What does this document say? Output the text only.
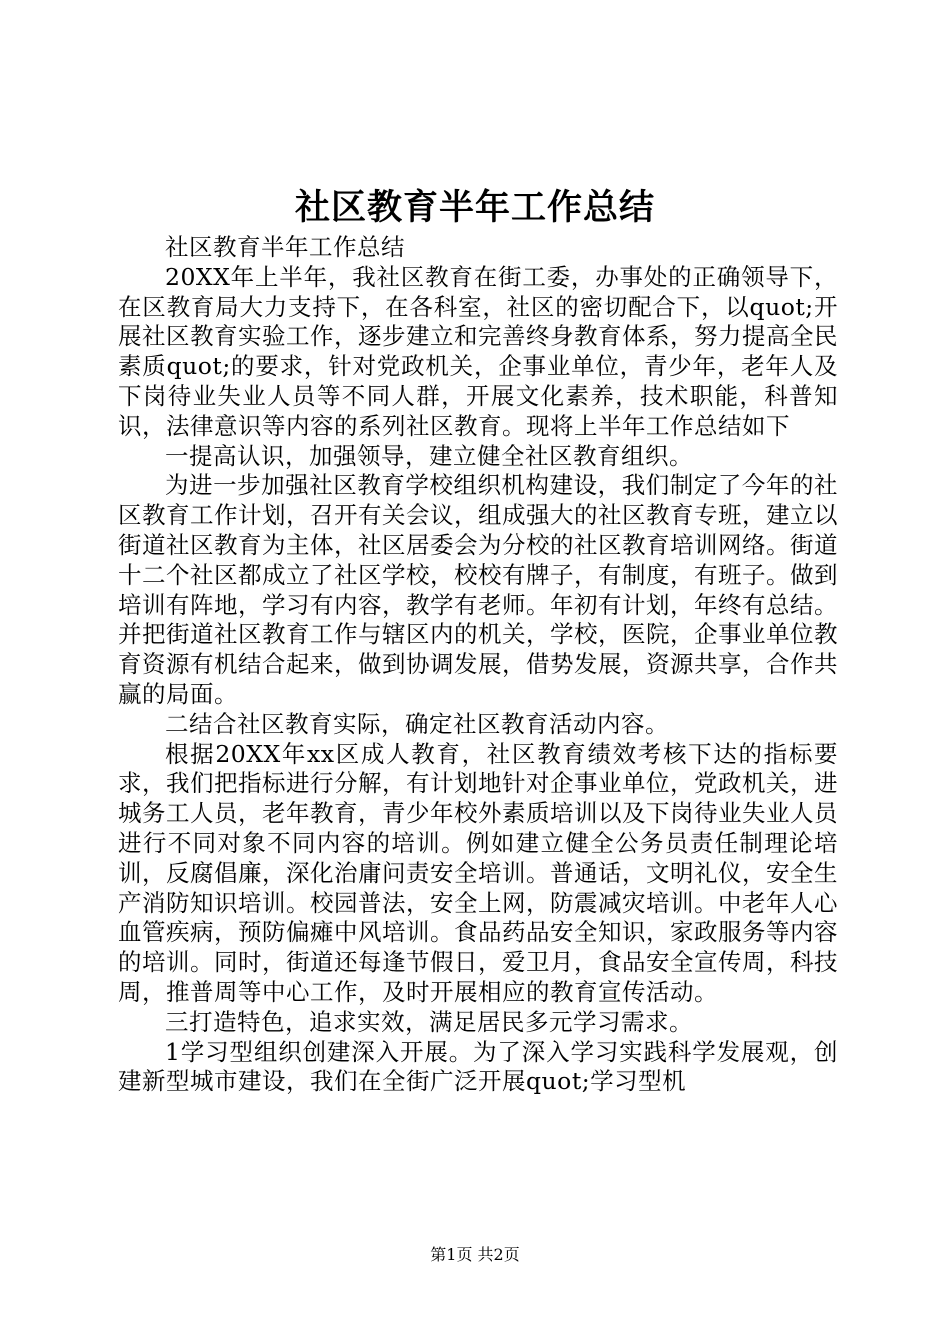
社区教育半年工作总结

社区教育半年工作总结

20XX年上半年，我社区教育在街工委，办事处的正确领导下，在区教育局大力支持下，在各科室，社区的密切配合下，以quot;开展社区教育实验工作，逐步建立和完善终身教育体系，努力提高全民素质quot;的要求，针对党政机关，企事业单位，青少年，老年人及下岗待业失业人员等不同人群，开展文化素养，技术职能，科普知识，法律意识等内容的系列社区教育。现将上半年工作总结如下

一提高认识，加强领导，建立健全社区教育组织。

为进一步加强社区教育学校组织机构建设，我们制定了今年的社区教育工作计划，召开有关会议，组成强大的社区教育专班，建立以街道社区教育为主体，社区居委会为分校的社区教育培训网络。街道十二个社区都成立了社区学校，校校有牌子，有制度，有班子。做到培训有阵地，学习有内容，教学有老师。年初有计划，年终有总结。并把街道社区教育工作与辖区内的机关，学校，医院，企事业单位教育资源有机结合起来，做到协调发展，借势发展，资源共享，合作共赢的局面。

二结合社区教育实际，确定社区教育活动内容。

根据20XX年xx区成人教育，社区教育绩效考核下达的指标要求，我们把指标进行分解，有计划地针对企事业单位，党政机关，进城务工人员，老年教育，青少年校外素质培训以及下岗待业失业人员进行不同对象不同内容的培训。例如建立健全公务员责任制理论培训，反腐倡廉，深化治庸问责安全培训。普通话，文明礼仪，安全生产消防知识培训。校园普法，安全上网，防震减灾培训。中老年人心血管疾病，预防偏瘫中风培训。食品药品安全知识，家政服务等内容的培训。同时，街道还每逢节假日，爱卫月，食品安全宣传周，科技周，推普周等中心工作，及时开展相应的教育宣传活动。

三打造特色，追求实效，满足居民多元学习需求。

1学习型组织创建深入开展。为了深入学习实践科学发展观，创建新型城市建设，我们在全街广泛开展quot;学习型机

第1页 共2页
